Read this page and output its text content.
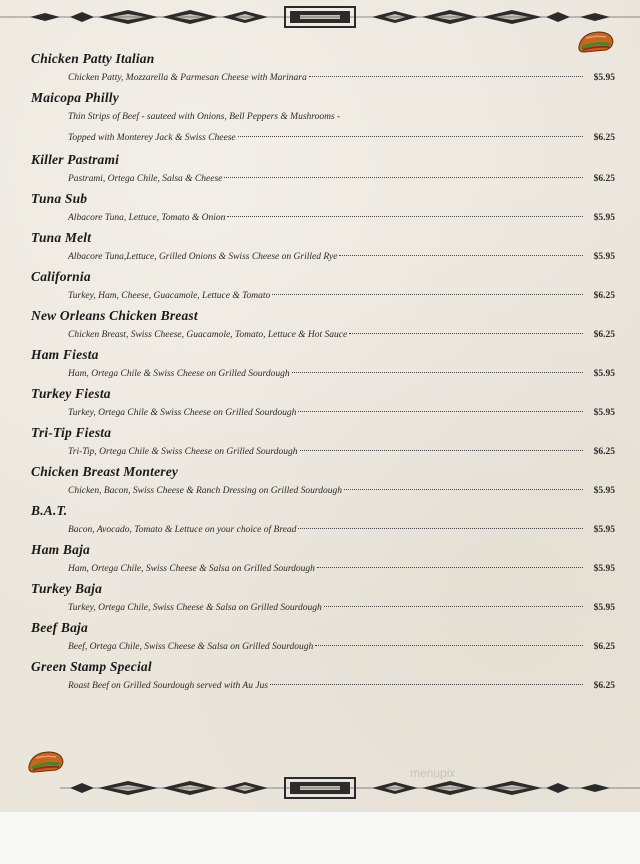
Chicken Patty Italian
Chicken Patty, Mozzarella & Parmesan Cheese with Marinara	$5.95
Maicopa Philly
Thin Strips of Beef - sauteed with Onions, Bell Peppers & Mushrooms -
Topped with Monterey Jack & Swiss Cheese	$6.25
Killer Pastrami
Pastrami, Ortega Chile, Salsa & Cheese	$6.25
Tuna Sub
Albacore Tuna, Lettuce, Tomato & Onion	$5.95
Tuna Melt
Albacore Tuna,Lettuce, Grilled Onions & Swiss Cheese on Grilled Rye	$5.95
California
Turkey, Ham, Cheese, Guacamole, Lettuce & Tomato	$6.25
New Orleans Chicken Breast
Chicken Breast, Swiss Cheese, Guacamole, Tomato, Lettuce & Hot Sauce	$6.25
Ham Fiesta
Ham, Ortega Chile & Swiss Cheese on Grilled Sourdough	$5.95
Turkey Fiesta
Turkey, Ortega Chile & Swiss Cheese on Grilled Sourdough	$5.95
Tri-Tip Fiesta
Tri-Tip, Ortega Chile & Swiss Cheese on Grilled Sourdough	$6.25
Chicken Breast Monterey
Chicken, Bacon, Swiss Cheese & Ranch Dressing on Grilled Sourdough	$5.95
B.A.T.
Bacon, Avocado, Tomato & Lettuce on your choice of Bread	$5.95
Ham Baja
Ham, Ortega Chile, Swiss Cheese & Salsa on Grilled Sourdough	$5.95
Turkey Baja
Turkey, Ortega Chile, Swiss Cheese & Salsa on Grilled Sourdough	$5.95
Beef Baja
Beef, Ortega Chile, Swiss Cheese & Salsa on Grilled Sourdough	$6.25
Green Stamp Special
Roast Beef on Grilled Sourdough served with Au Jus	$6.25
menupix
